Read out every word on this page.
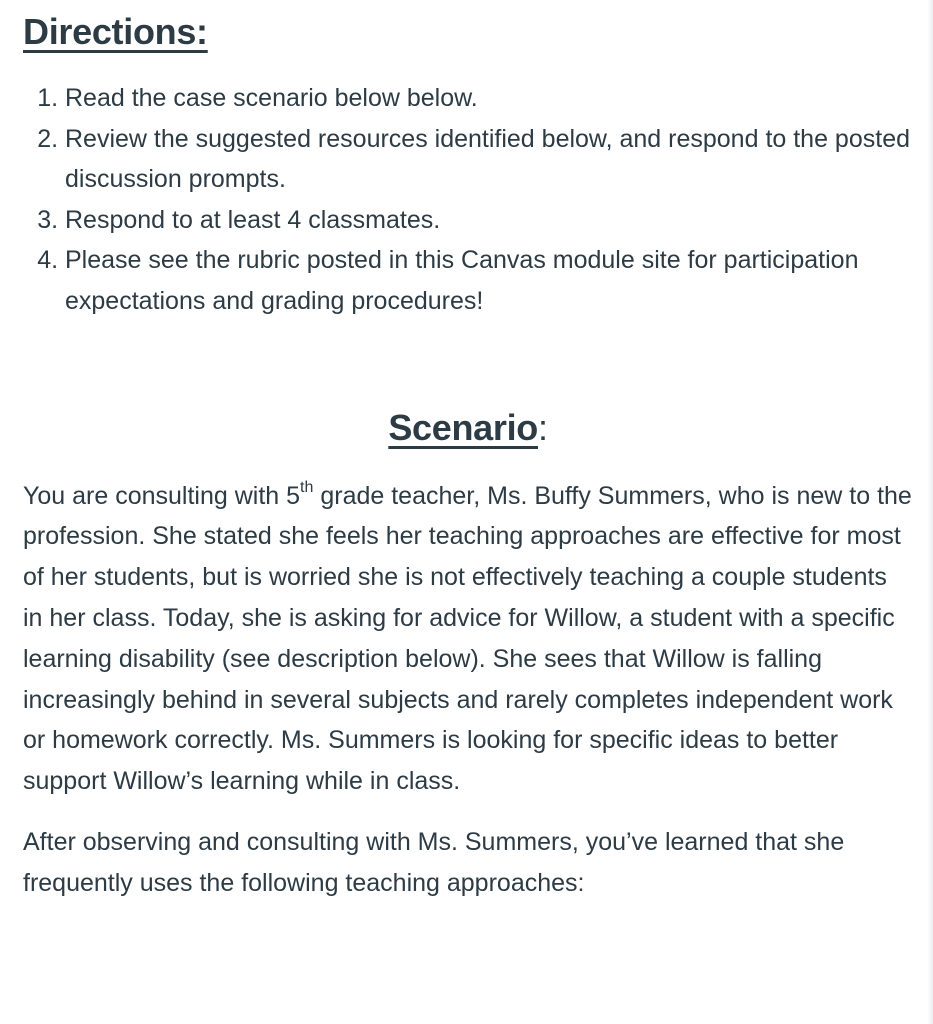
Directions:
1. Read the case scenario below below.
2. Review the suggested resources identified below, and respond to the posted discussion prompts.
3. Respond to at least 4 classmates.
4. Please see the rubric posted in this Canvas module site for participation expectations and grading procedures!
Scenario:

You are consulting with 5th grade teacher, Ms. Buffy Summers, who is new to the profession. She stated she feels her teaching approaches are effective for most of her students, but is worried she is not effectively teaching a couple students in her class. Today, she is asking for advice for Willow, a student with a specific learning disability (see description below). She sees that Willow is falling increasingly behind in several subjects and rarely completes independent work or homework correctly. Ms. Summers is looking for specific ideas to better support Willow’s learning while in class.

After observing and consulting with Ms. Summers, you’ve learned that she frequently uses the following teaching approaches:
